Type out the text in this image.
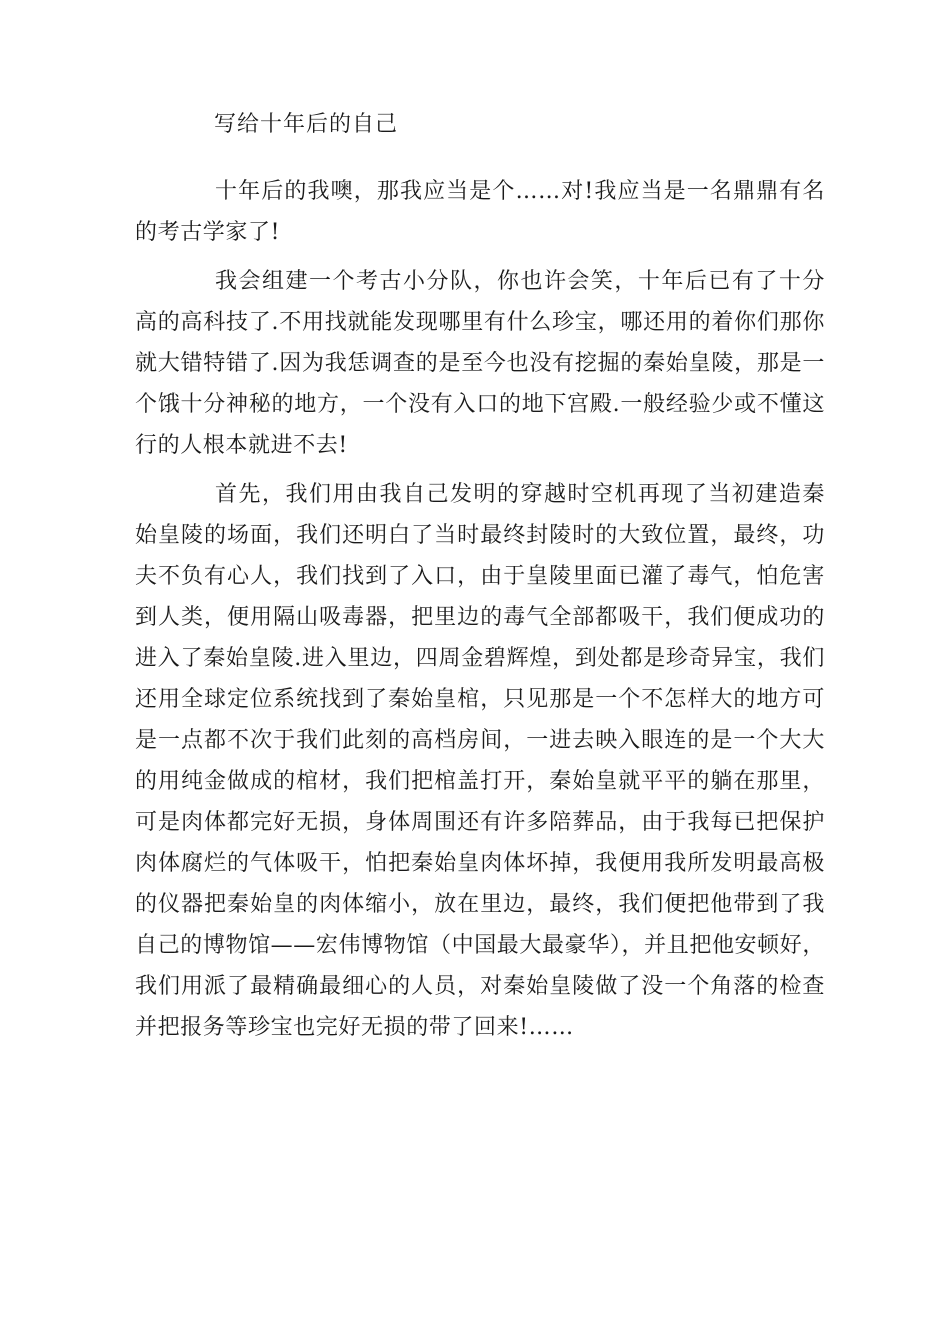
写给十年后的自己

十年后的我噢，那我应当是个……对!我应当是一名鼎鼎有名的考古学家了!

我会组建一个考古小分队，你也许会笑，十年后已有了十分高的高科技了.不用找就能发现哪里有什么珍宝，哪还用的着你们那你就大错特错了.因为我恁调查的是至今也没有挖掘的秦始皇陵，那是一个饿十分神秘的地方，一个没有入口的地下宫殿.一般经验少或不懂这行的人根本就进不去!

首先，我们用由我自己发明的穿越时空机再现了当初建造秦始皇陵的场面，我们还明白了当时最终封陵时的大致位置，最终，功夫不负有心人，我们找到了入口，由于皇陵里面已灌了毒气，怕危害到人类，便用隔山吸毒器，把里边的毒气全部都吸干，我们便成功的进入了秦始皇陵.进入里边，四周金碧辉煌，到处都是珍奇异宝，我们还用全球定位系统找到了秦始皇棺，只见那是一个不怎样大的地方可是一点都不次于我们此刻的高档房间，一进去映入眼连的是一个大大的用纯金做成的棺材，我们把棺盖打开，秦始皇就平平的躺在那里，可是肉体都完好无损，身体周围还有许多陪葬品，由于我每已把保护肉体腐烂的气体吸干，怕把秦始皇肉体坏掉，我便用我所发明最高极的仪器把秦始皇的肉体缩小，放在里边，最终，我们便把他带到了我自己的博物馆——宏伟博物馆（中国最大最豪华），并且把他安顿好，我们用派了最精确最细心的人员，对秦始皇陵做了没一个角落的检查并把报务等珍宝也完好无损的带了回来!……
